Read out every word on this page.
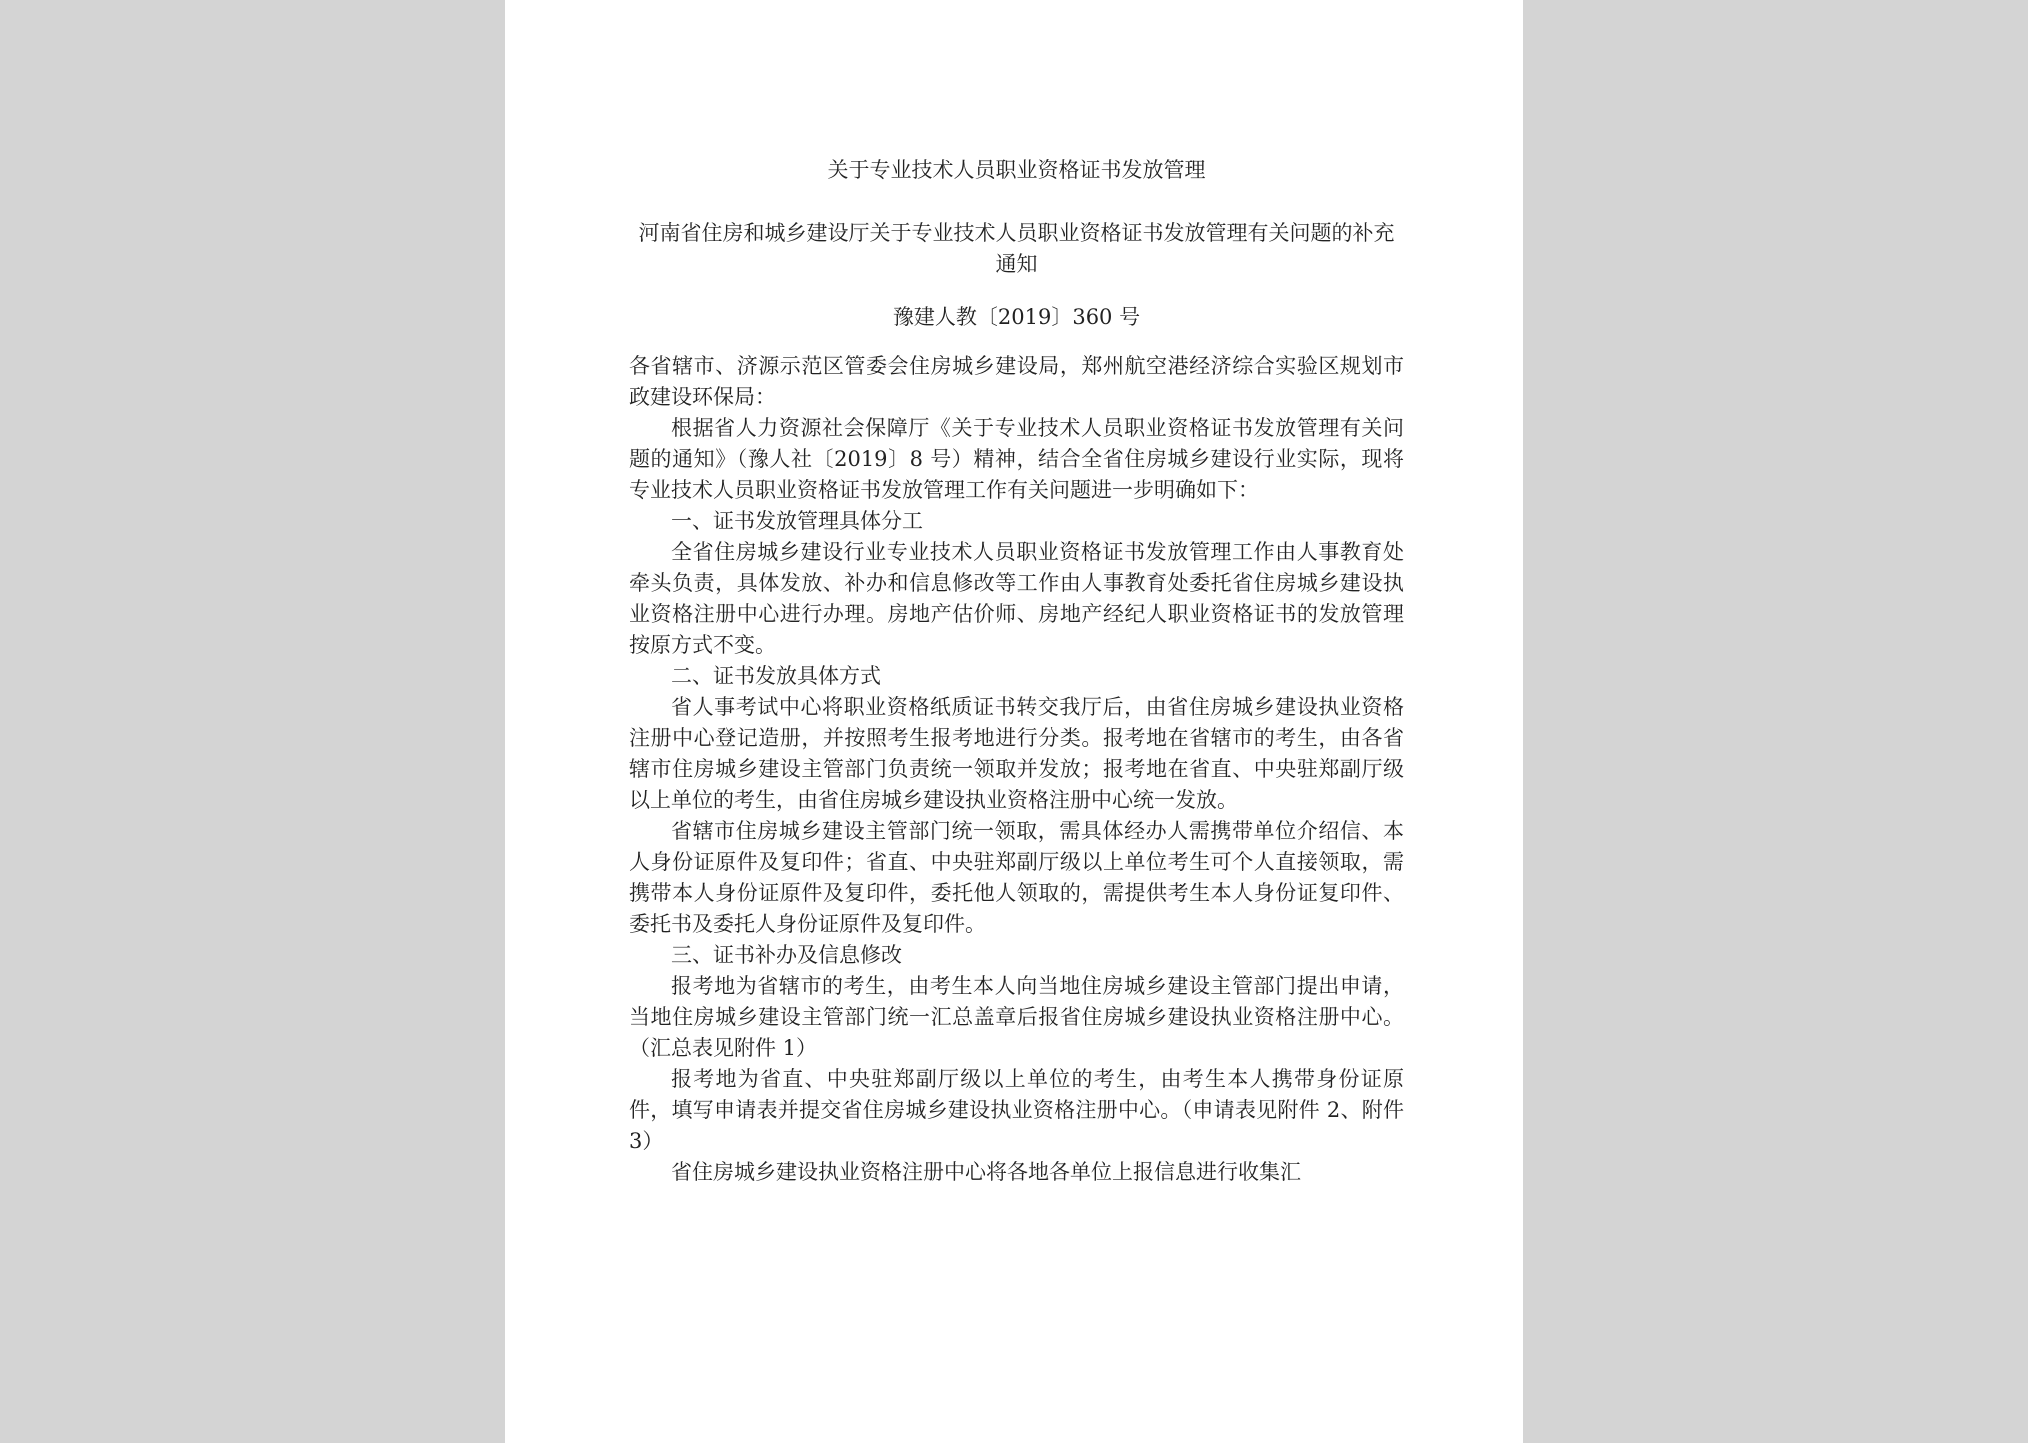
关于专业技术人员职业资格证书发放管理

河南省住房和城乡建设厅关于专业技术人员职业资格证书发放管理有关问题的补充通知

豫建人教〔2019〕360 号

各省辖市、济源示范区管委会住房城乡建设局，郑州航空港经济综合实验区规划市政建设环保局：

根据省人力资源社会保障厅《关于专业技术人员职业资格证书发放管理有关问题的通知》（豫人社〔2019〕8 号）精神，结合全省住房城乡建设行业实际，现将专业技术人员职业资格证书发放管理工作有关问题进一步明确如下：

一、证书发放管理具体分工

全省住房城乡建设行业专业技术人员职业资格证书发放管理工作由人事教育处牵头负责，具体发放、补办和信息修改等工作由人事教育处委托省住房城乡建设执业资格注册中心进行办理。房地产估价师、房地产经纪人职业资格证书的发放管理按原方式不变。

二、证书发放具体方式

省人事考试中心将职业资格纸质证书转交我厅后，由省住房城乡建设执业资格注册中心登记造册，并按照考生报考地进行分类。报考地在省辖市的考生，由各省辖市住房城乡建设主管部门负责统一领取并发放；报考地在省直、中央驻郑副厅级以上单位的考生，由省住房城乡建设执业资格注册中心统一发放。

省辖市住房城乡建设主管部门统一领取，需具体经办人需携带单位介绍信、本人身份证原件及复印件；省直、中央驻郑副厅级以上单位考生可个人直接领取，需携带本人身份证原件及复印件，委托他人领取的，需提供考生本人身份证复印件、委托书及委托人身份证原件及复印件。

三、证书补办及信息修改

报考地为省辖市的考生，由考生本人向当地住房城乡建设主管部门提出申请，当地住房城乡建设主管部门统一汇总盖章后报省住房城乡建设执业资格注册中心。（汇总表见附件 1）

报考地为省直、中央驻郑副厅级以上单位的考生，由考生本人携带身份证原件，填写申请表并提交省住房城乡建设执业资格注册中心。（申请表见附件 2、附件 3）

省住房城乡建设执业资格注册中心将各地各单位上报信息进行收集汇
